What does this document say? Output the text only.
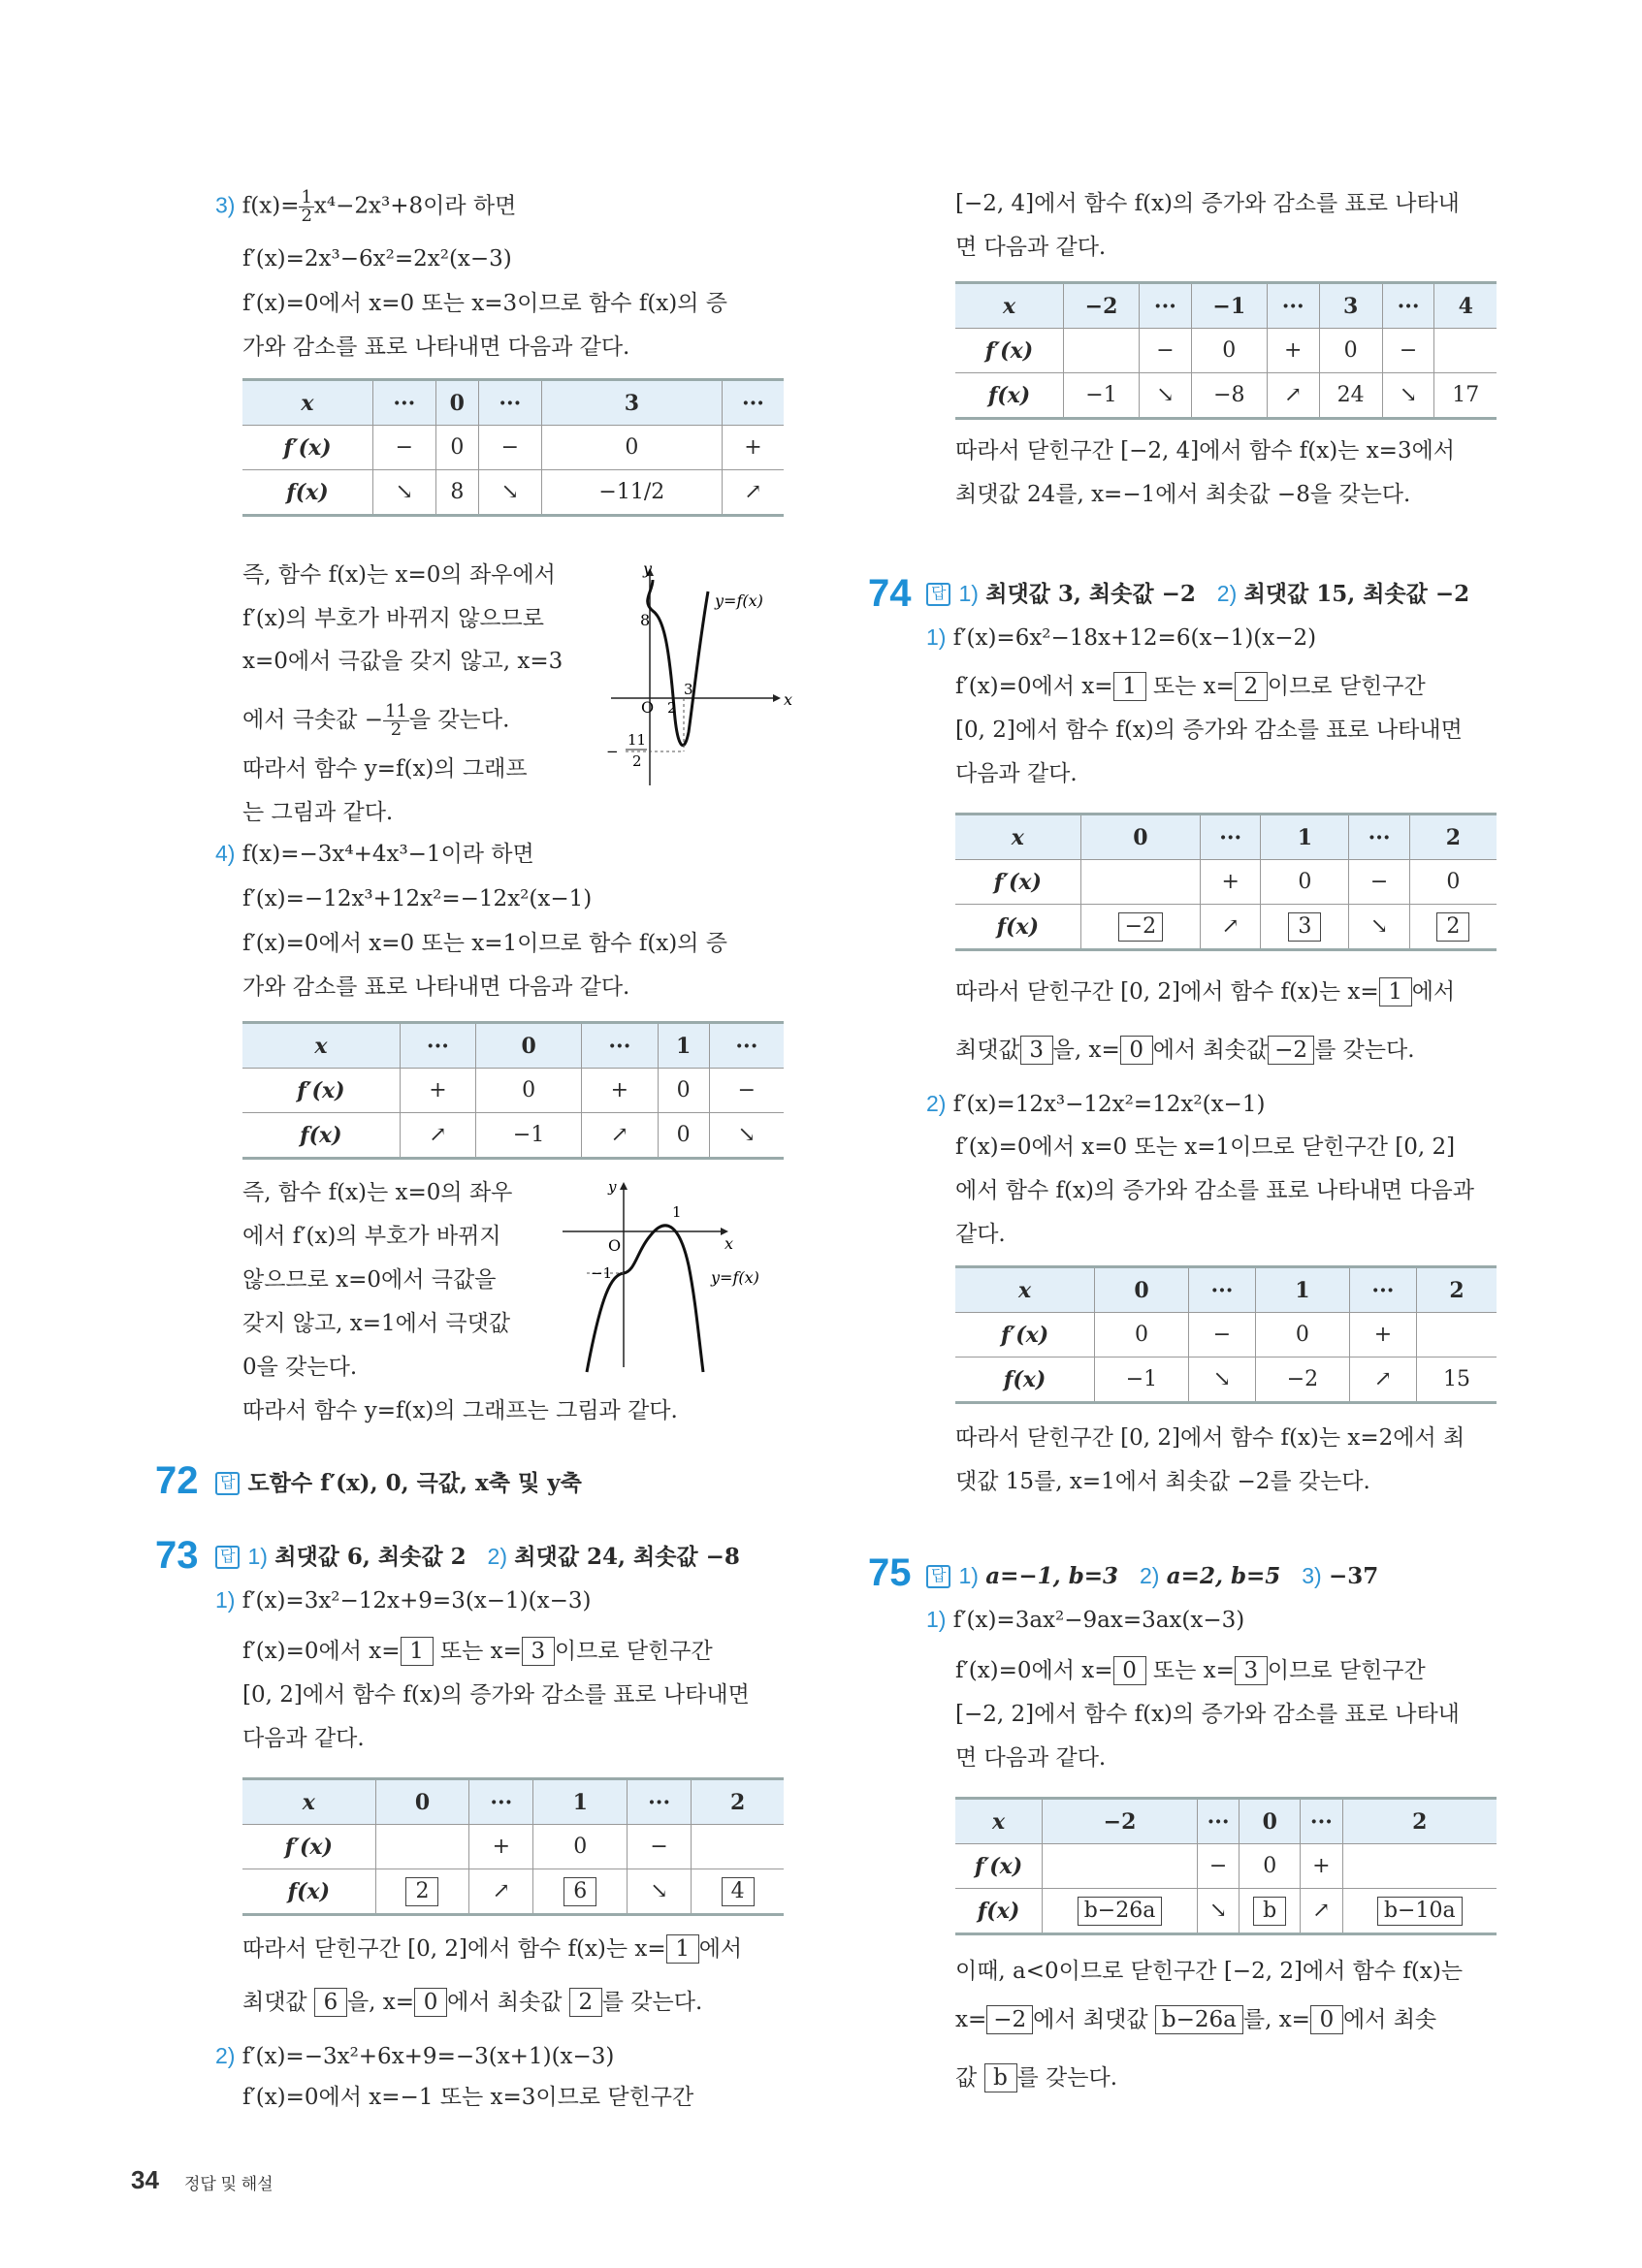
3) $f(x)= \frac{1}{2} x^4-2x^3+8$이라 하면
f′(x)=2x³−6x²=2x²(x−3)
f′(x)=0에서 x=0 또는 x=3이므로 함수 f(x)의 증
가와 감소를 표로 나타내면 다음과 같다.
x	···	0	···	3	···
f′(x)	−	0	−	0	+
f(x)	↘	8	↘	−11/2	↗
즉, 함수 f(x)는 x=0의 좌우에서
f′(x)의 부호가 바뀌지 않으므로
x=0에서 극값을 갖지 않고, x=3
에서 극솟값 − $\frac{11}{2}$ 을 갖는다.
따라서 함수 y=f(x)의 그래프
는 그림과 같다.
y
x
8
O 2
3
y=f(x)
−
11
2
4) f(x)=−3x⁴+4x³−1이라 하면
f′(x)=−12x³+12x²=−12x²(x−1)
f′(x)=0에서 x=0 또는 x=1이므로 함수 f(x)의 증
가와 감소를 표로 나타내면 다음과 같다.
x	···	0	···	1	···
f′(x)	+	0	+	0	−
f(x)	↗	−1	↗	0	↘
즉, 함수 f(x)는 x=0의 좌우
에서 f′(x)의 부호가 바뀌지
않으므로 x=0에서 극값을
갖지 않고, x=1에서 극댓값
0을 갖는다.
따라서 함수 y=f(x)의 그래프는 그림과 같다.
y
x
O
1
−1	y=f(x)
72	답 도함수 f′(x), 0, 극값, x축 및 y축
73	답 1) 최댓값 6, 최솟값 2 2) 최댓값 24, 최솟값 −8
1) f′(x)=3x²−12x+9=3(x−1)(x−3)
f′(x)=0에서 x= 1 또는 x= 3 이므로 닫힌구간
[0, 2]에서 함수 f(x)의 증가와 감소를 표로 나타내면
다음과 같다.
x	0	···	1	···	2
f′(x)		+	0	−	
f(x)	2	↗	6	↘	4
따라서 닫힌구간 [0, 2]에서 함수 f(x)는 x= 1 에서
최댓값 6 을, x= 0 에서 최솟값 2 를 갖는다.
2) f′(x)=−3x²+6x+9=−3(x+1)(x−3)
f′(x)=0에서 x=−1 또는 x=3이므로 닫힌구간
[−2, 4]에서 함수 f(x)의 증가와 감소를 표로 나타내
면 다음과 같다.
x	−2	···	−1	···	3	···	4
f′(x)		−	0	+	0	−	
f(x)	−1	↘	−8	↗	24	↘	17
따라서 닫힌구간 [−2, 4]에서 함수 f(x)는 x=3에서
최댓값 24를, x=−1에서 최솟값 −8을 갖는다.
74	답 1) 최댓값 3, 최솟값 −2 2) 최댓값 15, 최솟값 −2
1) f′(x)=6x²−18x+12=6(x−1)(x−2)
f′(x)=0에서 x= 1 또는 x= 2 이므로 닫힌구간
[0, 2]에서 함수 f(x)의 증가와 감소를 표로 나타내면
다음과 같다.
x	0	···	1	···	2
f′(x)		+	0	−	0
f(x)	−2	↗	3	↘	2
따라서 닫힌구간 [0, 2]에서 함수 f(x)는 x= 1 에서
최댓값 3 을, x= 0 에서 최솟값 −2 를 갖는다.
2) f′(x)=12x³−12x²=12x²(x−1)
f′(x)=0에서 x=0 또는 x=1이므로 닫힌구간 [0, 2]
에서 함수 f(x)의 증가와 감소를 표로 나타내면 다음과
같다.
x	0	···	1	···	2
f′(x)	0	−	0	+	
f(x)	−1	↘	−2	↗	15
따라서 닫힌구간 [0, 2]에서 함수 f(x)는 x=2에서 최
댓값 15를, x=1에서 최솟값 −2를 갖는다.
75	답 1) a=−1, b=3 2) a=2, b=5 3) −37
1) f′(x)=3ax²−9ax=3ax(x−3)
f′(x)=0에서 x= 0 또는 x= 3 이므로 닫힌구간
[−2, 2]에서 함수 f(x)의 증가와 감소를 표로 나타내
면 다음과 같다.
x	−2	···	0	···	2
f′(x)		−	0	+	
f(x)	b−26a	↘	b	↗	b−10a
이때, a<0이므로 닫힌구간 [−2, 2]에서 함수 f(x)는
x= −2 에서 최댓값 b−26a 를, x= 0 에서 최솟
값 b 를 갖는다.
34 정답 및 해설
